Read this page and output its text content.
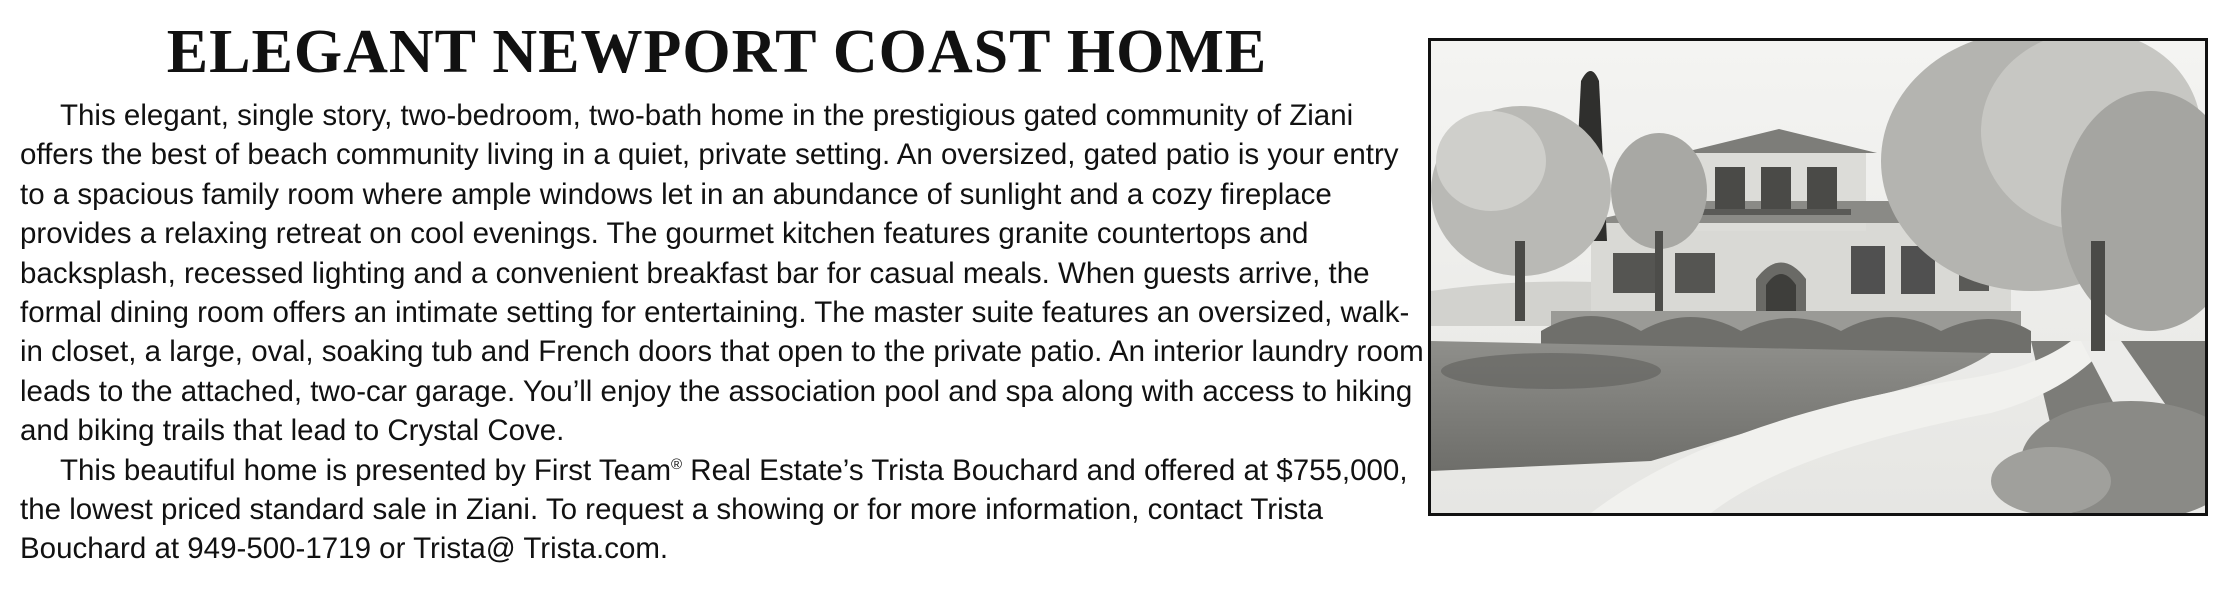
ELEGANT NEWPORT COAST HOME

This elegant, single story, two-bedroom, two-bath home in the prestigious gated community of Ziani offers the best of beach community living in a quiet, private setting. An oversized, gated patio is your entry to a spacious family room where ample windows let in an abundance of sunlight and a cozy fireplace provides a relaxing retreat on cool evenings. The gourmet kitchen features granite countertops and backsplash, recessed lighting and a convenient breakfast bar for casual meals. When guests arrive, the formal dining room offers an intimate setting for entertaining. The master suite features an oversized, walk-in closet, a large, oval, soaking tub and French doors that open to the private patio. An interior laundry room leads to the attached, two-car garage. You’ll enjoy the association pool and spa along with access to hiking and biking trails that lead to Crystal Cove.

This beautiful home is presented by First Team® Real Estate’s Trista Bouchard and offered at $755,000, the lowest priced standard sale in Ziani. To request a showing or for more information, contact Trista Bouchard at 949-500-1719 or Trista@ Trista.com.
